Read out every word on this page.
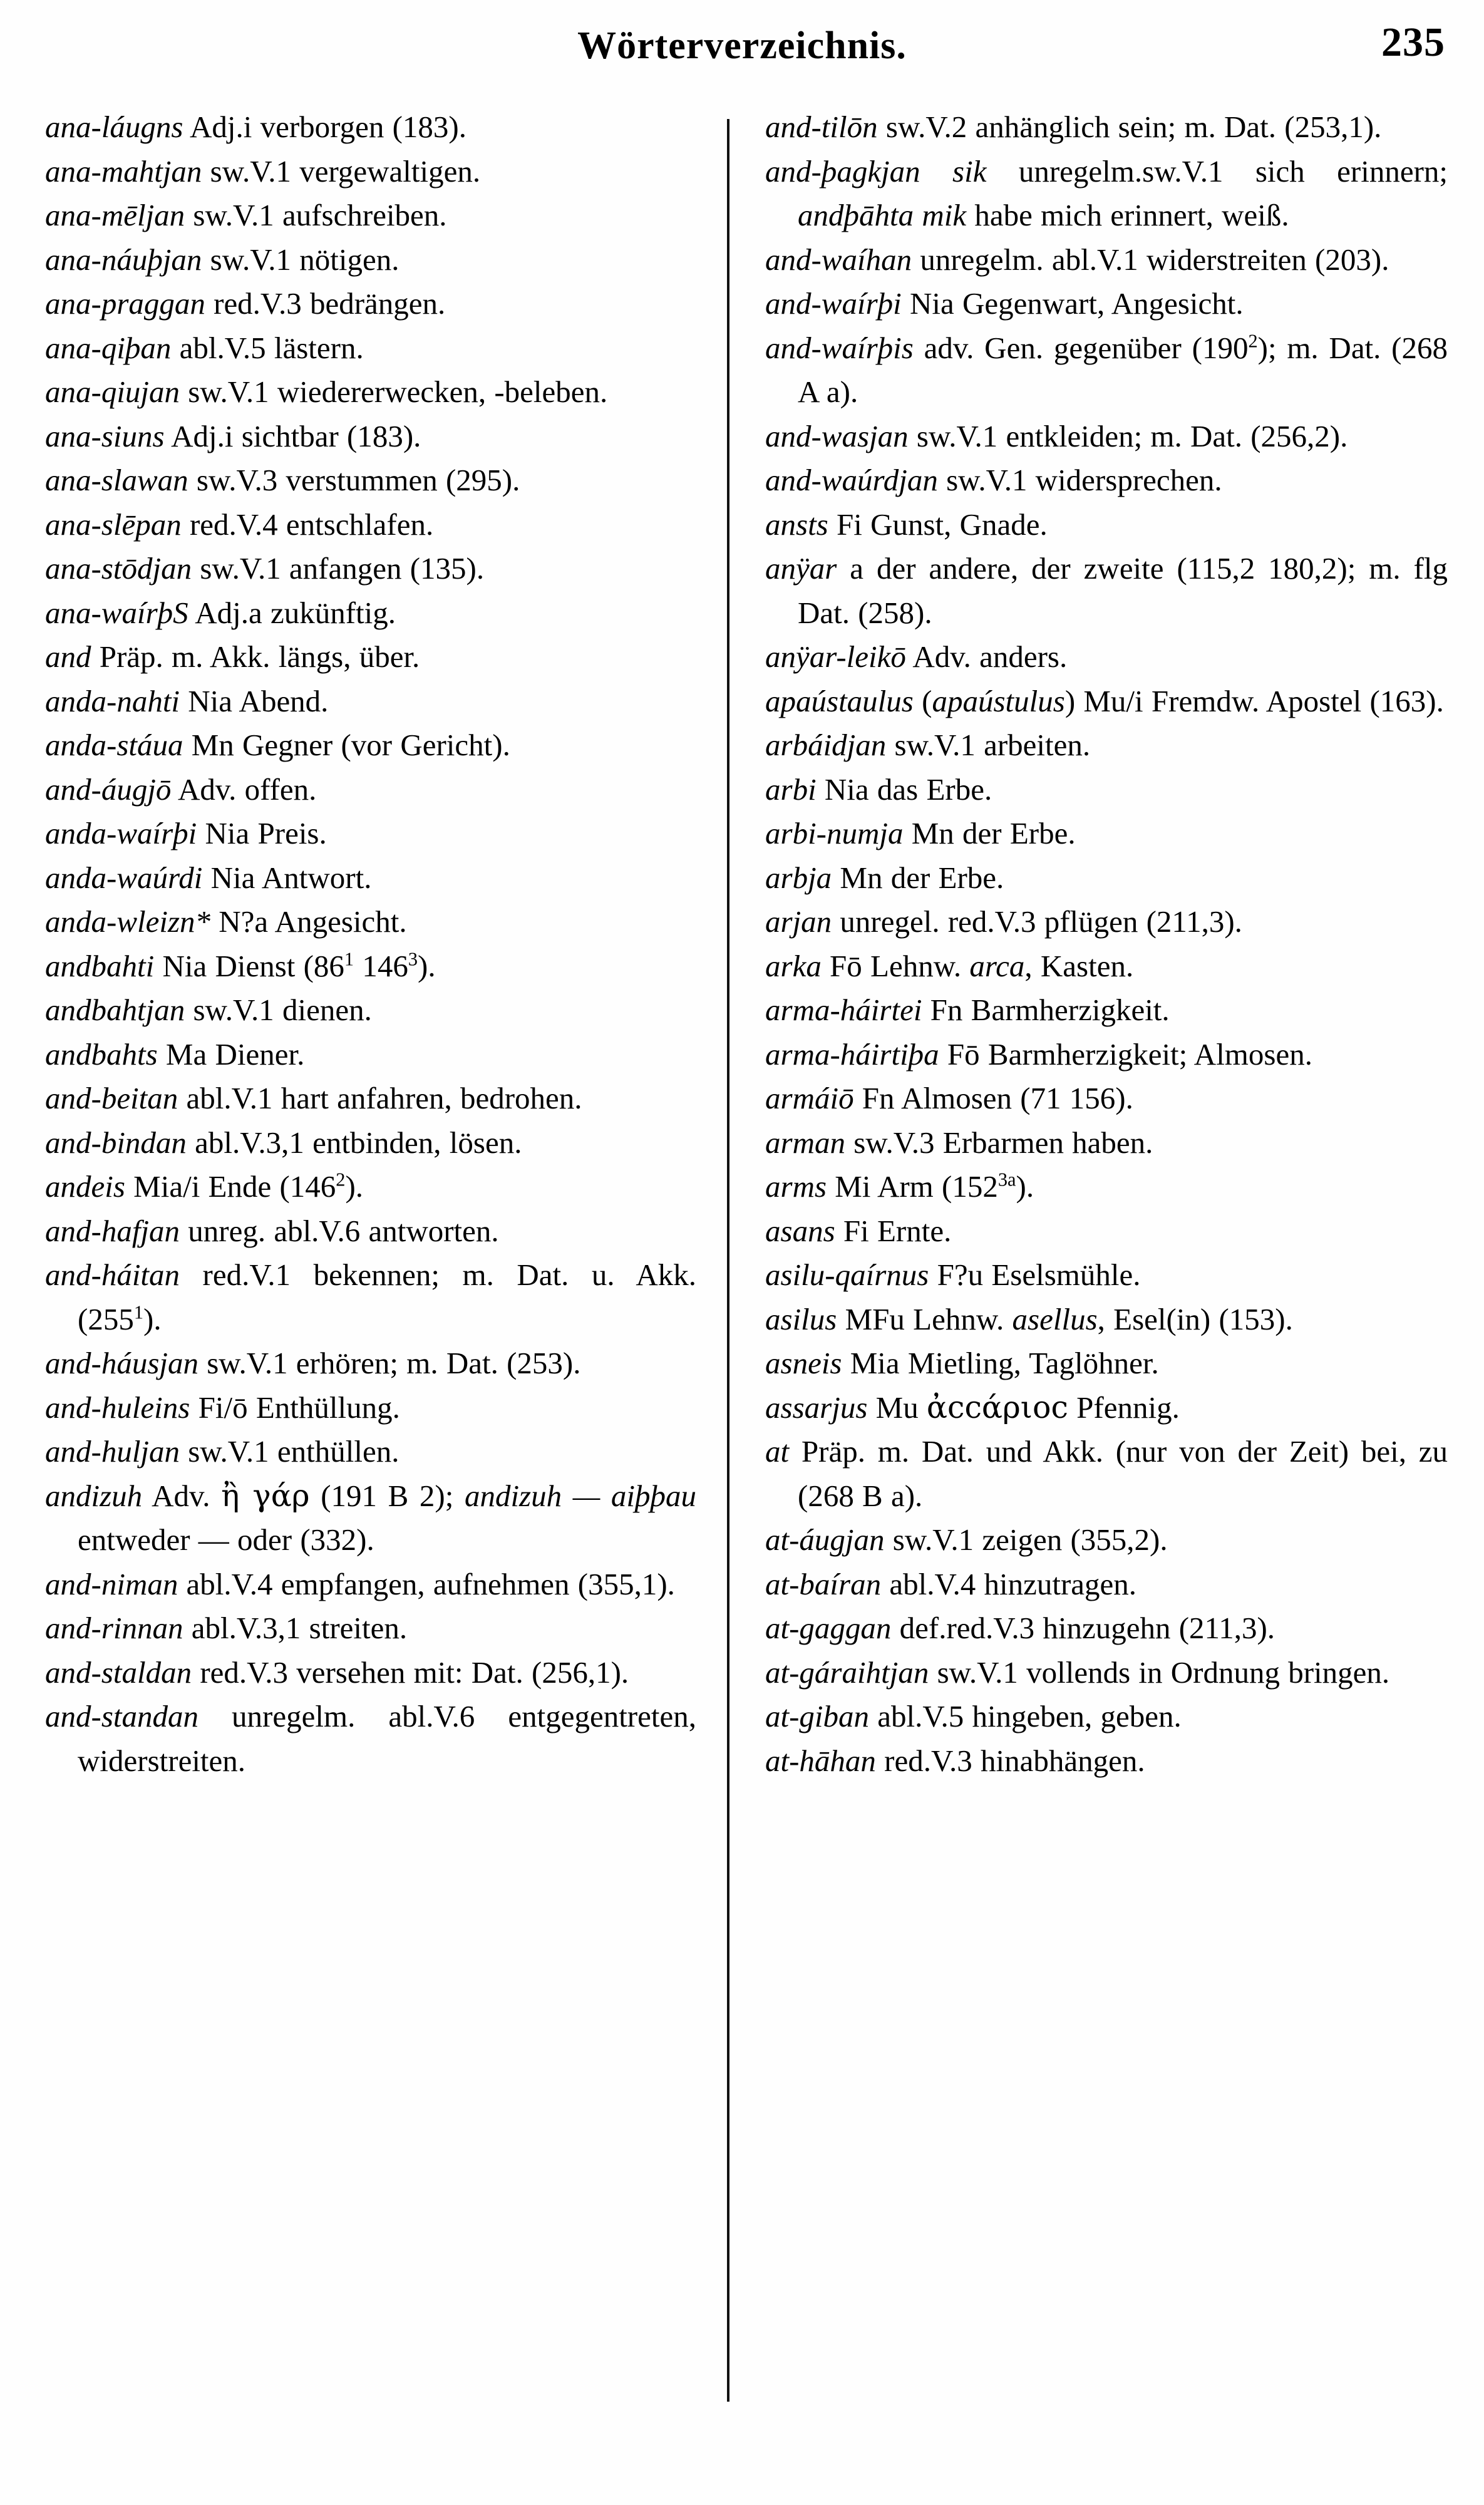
Wörterverzeichnis.	235

ana-láugns Adj.i verborgen (183).

ana-mahtjan sw.V.1 vergewaltigen.

ana-mēljan sw.V.1 aufschreiben.

ana-náuþjan sw.V.1 nötigen.

ana-praggan red.V.3 bedrängen.

ana-qiþan abl.V.5 lästern.

ana-qiujan sw.V.1 wiedererwecken, -beleben.

ana-siuns Adj.i sichtbar (183).

ana-slawan sw.V.3 verstummen (295).

ana-slēpan red.V.4 entschlafen.

ana-stōdjan sw.V.1 anfangen (135).

ana-waírþS Adj.a zukünftig.

and Präp. m. Akk. längs, über.

anda-nahti Nia Abend.

anda-stáua Mn Gegner (vor Gericht).

and-áugjō Adv. offen.

anda-waírþi Nia Preis.

anda-waúrdi Nia Antwort.

anda-wleizn* N?a Angesicht.

andbahti Nia Dienst ($86^1$ $146^3$).

andbahtjan sw.V.1 dienen.

andbahts Ma Diener.

and-beitan abl.V.1 hart anfahren, bedrohen.

and-bindan abl.V.3,1 entbinden, lösen.

andеis Mia/i Ende $(146^2)$.

and-hafjan unreg. abl.V.6 antworten.

and-háitan red.V.1 bekennen; m. Dat. u. Akk. $(255^1)$.

and-háusjan sw.V.1 erhören; m. Dat. (253).

and-huleins Fi/ō Enthüllung.

and-huljan sw.V.1 enthüllen.

andizuh Adv. ἢ γάρ (191 B 2); andizuh — aiþþau entweder — oder (332).

and-niman abl.V.4 empfangen, aufnehmen (355,1).

and-rinnan abl.V.3,1 streiten.

and-staldan red.V.3 versehen mit: Dat. (256,1).

and-standan unregelm. abl.V.6 entgegentreten, widerstreiten.

and-tilōn sw.V.2 anhänglich sein; m. Dat. (253,1).

and-þagkjan sik unregelm.sw.V.1 sich erinnern; andþāhta mik habe mich erinnert, weiß.

and-waíhan unregelm. abl.V.1 widerstreiten (203).

and-waírþi Nia Gegenwart, Angesicht.

and-waírþis adv. Gen. gegenüber $(190^2)$; m. Dat. (268 A a).

and-wasjan sw.V.1 entkleiden; m. Dat. (256,2).

and-waúrdjan sw.V.1 widersprechen.

ansts Fi Gunst, Gnade.

anÿar a der andere, der zweite (115,2 180,2); m. flg Dat. (258).

anÿar-leikō Adv. anders.

apaústaulus (apaústulus) Mu/i Fremdw. Apostel (163).

arbáidjan sw.V.1 arbeiten.

arbi Nia das Erbe.

arbi-numja Mn der Erbe.

arbja Mn der Erbe.

arjan unregel. red.V.3 pflügen (211,3).

arka Fō Lehnw. arca, Kasten.

arma-háirtei Fn Barmherzigkeit.

arma-háirtiþa Fō Barmherzigkeit; Almosen.

armáiō Fn Almosen (71 156).

arman sw.V.3 Erbarmen haben.

arms Mi Arm $(152^{3a})$.

asans Fi Ernte.

asilu-qaírnus F?u Eselsmühle.

asilus MFu Lehnw. asellus, Esel(in) (153).

asneіs Mia Mietling, Taglöhner.

assarjus Mu ἀccάριoc Pfennig.

at Präp. m. Dat. und Akk. (nur von der Zeit) bei, zu (268 B a).

at-áugjan sw.V.1 zeigen (355,2).

at-baíran abl.V.4 hinzutragen.

at-gaggan def.red.V.3 hinzugehn (211,3).

at-gáraihtjan sw.V.1 vollends in Ordnung bringen.

at-giban abl.V.5 hingeben, geben.

at-hāhan red.V.3 hinabhängen.
